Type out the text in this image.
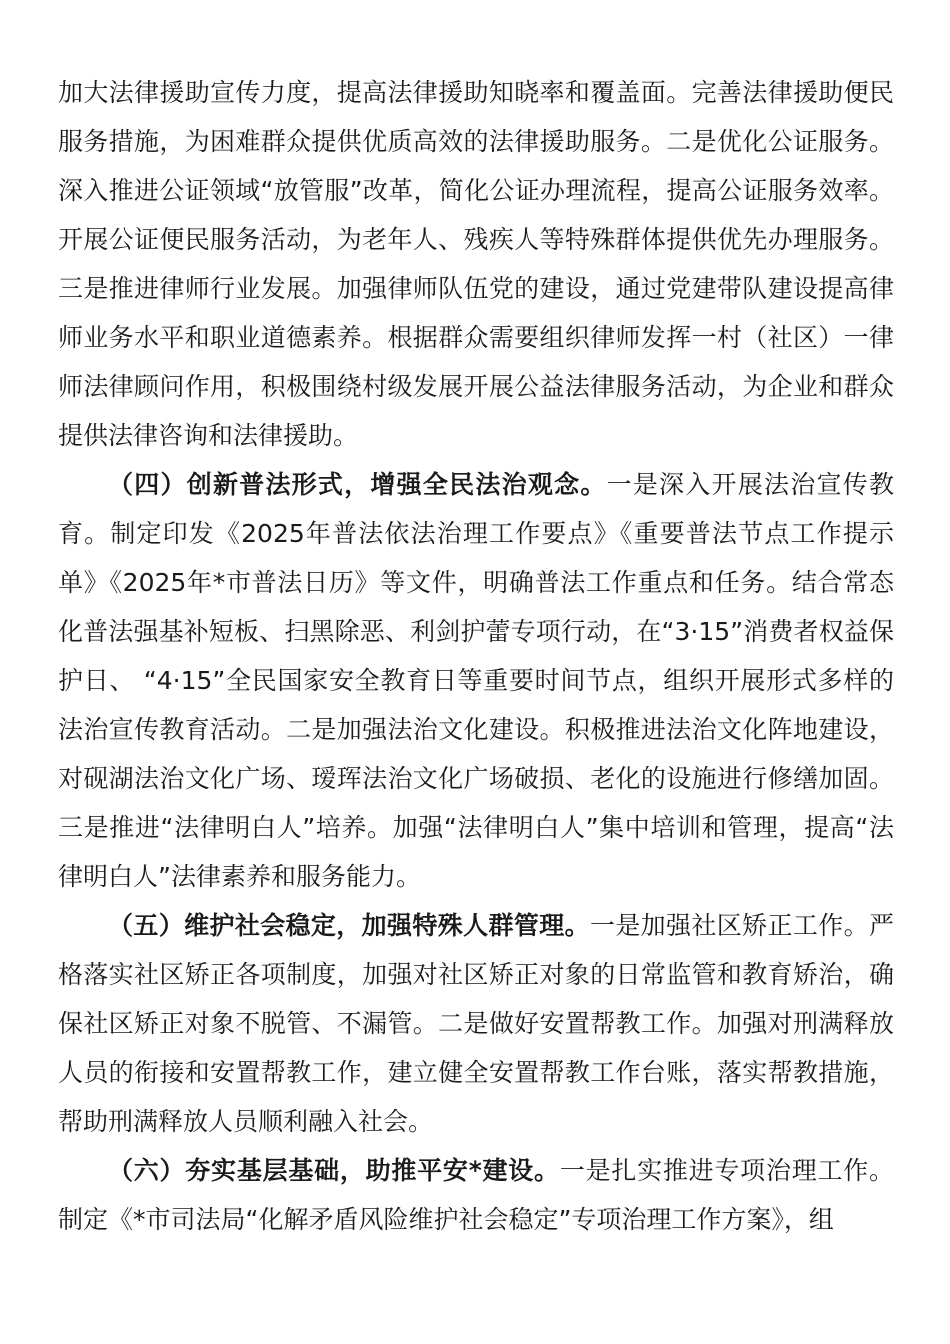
加大法律援助宣传力度，提高法律援助知晓率和覆盖面。完善法律援助便民服务措施，为困难群众提供优质高效的法律援助服务。二是优化公证服务。深入推进公证领域“放管服”改革，简化公证办理流程，提高公证服务效率。开展公证便民服务活动，为老年人、残疾人等特殊群体提供优先办理服务。三是推进律师行业发展。加强律师队伍党的建设，通过党建带队建设提高律师业务水平和职业道德素养。根据群众需要组织律师发挥一村（社区）一律师法律顾问作用，积极围绕村级发展开展公益法律服务活动，为企业和群众提供法律咨询和法律援助。

（四）创新普法形式，增强全民法治观念。一是深入开展法治宣传教育。制定印发《2025年普法依法治理工作要点》《重要普法节点工作提示单》《2025年*市普法日历》等文件，明确普法工作重点和任务。结合常态化普法强基补短板、扫黑除恶、利剑护蕾专项行动，在“3·15”消费者权益保护日、 “4·15”全民国家安全教育日等重要时间节点，组织开展形式多样的法治宣传教育活动。二是加强法治文化建设。积极推进法治文化阵地建设，对砚湖法治文化广场、瑷珲法治文化广场破损、老化的设施进行修缮加固。三是推进“法律明白人”培养。加强“法律明白人”集中培训和管理，提高“法律明白人”法律素养和服务能力。

（五）维护社会稳定，加强特殊人群管理。一是加强社区矫正工作。严格落实社区矫正各项制度，加强对社区矫正对象的日常监管和教育矫治，确保社区矫正对象不脱管、不漏管。二是做好安置帮教工作。加强对刑满释放人员的衔接和安置帮教工作，建立健全安置帮教工作台账，落实帮教措施，帮助刑满释放人员顺利融入社会。

（六）夯实基层基础，助推平安*建设。一是扎实推进专项治理工作。制定《*市司法局“化解矛盾风险维护社会稳定”专项治理工作方案》，组
